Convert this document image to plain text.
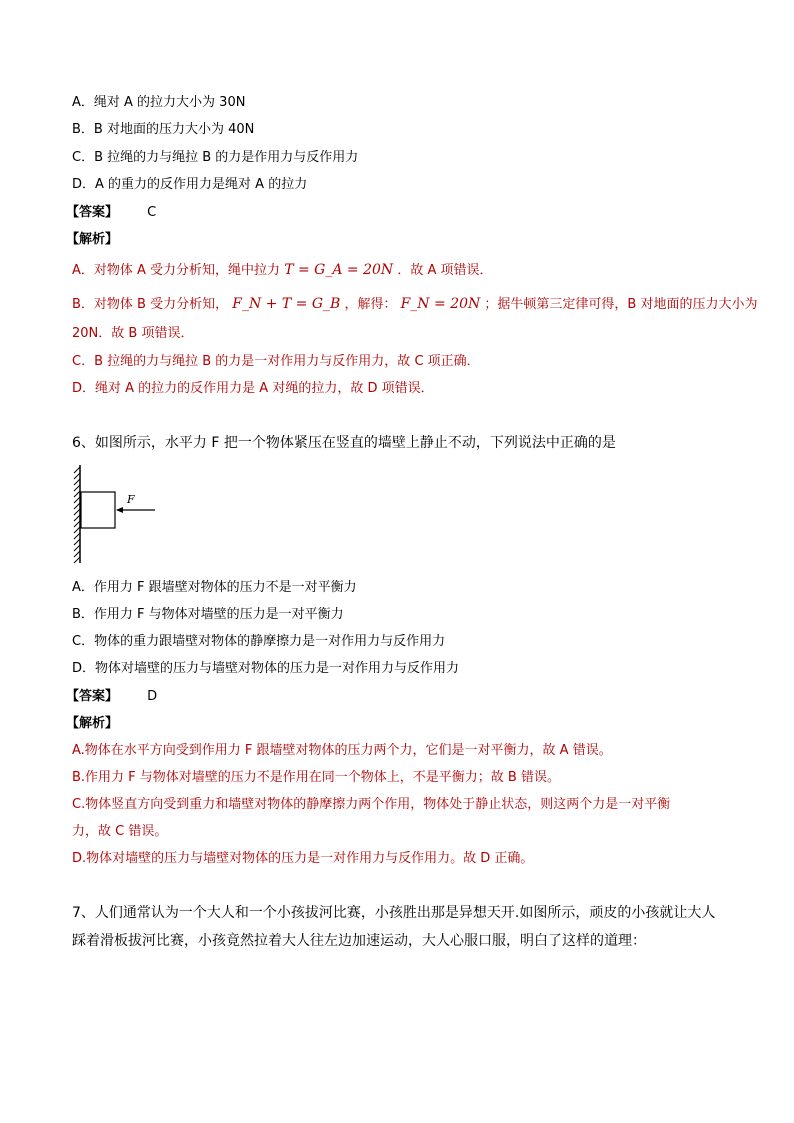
A．绳对 A 的拉力大小为 30N
B．B 对地面的压力大小为 40N
C．B 拉绳的力与绳拉 B 的力是作用力与反作用力
D．A 的重力的反作用力是绳对 A 的拉力
【答案】 C
【解析】
A．对物体 A 受力分析知，绳中拉力 T = G_A = 20N ．故 A 项错误．
B．对物体 B 受力分析知， F_N + T = G_B ，解得： F_N = 20N ；据牛顿第三定律可得，B 对地面的压力大小为
20N．故 B 项错误．
C．B 拉绳的力与绳拉 B 的力是一对作用力与反作用力，故 C 项正确．
D．绳对 A 的拉力的反作用力是 A 对绳的拉力，故 D 项错误．
6、如图所示，水平力 F 把一个物体紧压在竖直的墙壁上静止不动，下列说法中正确的是
F
A．作用力 F 跟墙壁对物体的压力不是一对平衡力
B．作用力 F 与物体对墙壁的压力是一对平衡力
C．物体的重力跟墙壁对物体的静摩擦力是一对作用力与反作用力
D．物体对墙壁的压力与墙壁对物体的压力是一对作用力与反作用力
【答案】 D
【解析】
A.物体在水平方向受到作用力 F 跟墙壁对物体的压力两个力，它们是一对平衡力，故 A 错误。
B.作用力 F 与物体对墙壁的压力不是作用在同一个物体上，不是平衡力；故 B 错误。
C.物体竖直方向受到重力和墙壁对物体的静摩擦力两个作用，物体处于静止状态，则这两个力是一对平衡
力，故 C 错误。
D.物体对墙壁的压力与墙壁对物体的压力是一对作用力与反作用力。故 D 正确。
7、人们通常认为一个大人和一个小孩拔河比赛，小孩胜出那是异想天开.如图所示，顽皮的小孩就让大人
踩着滑板拔河比赛，小孩竟然拉着大人往左边加速运动，大人心服口服，明白了这样的道理：
